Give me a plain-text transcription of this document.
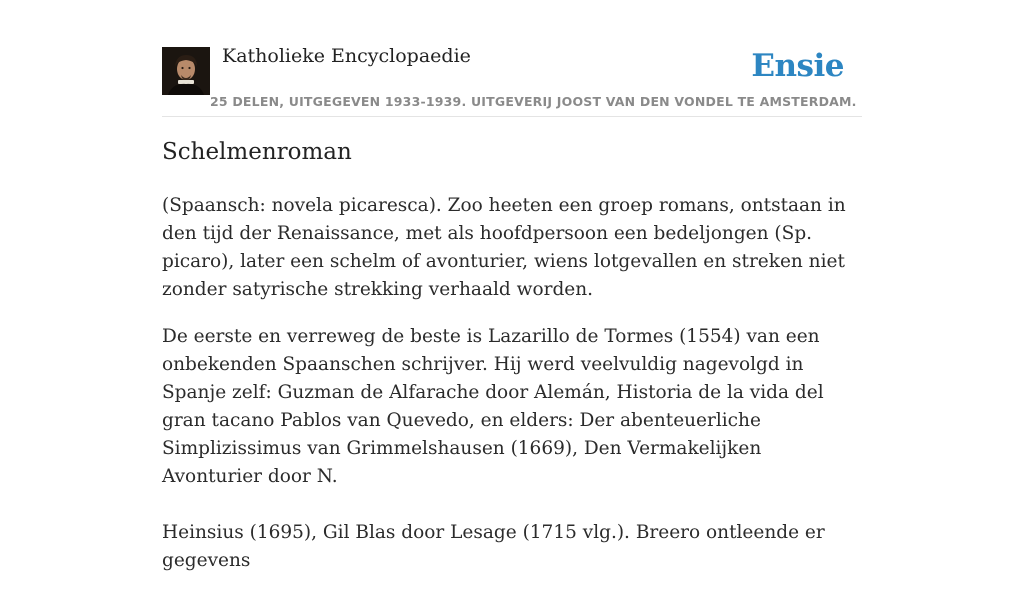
Katholieke Encyclopaedie
25 DELEN, UITGEGEVEN 1933-1939. UITGEVERIJ JOOST VAN DEN VONDEL TE AMSTERDAM.
Ensie
Schelmenroman

(Spaansch: novela picaresca). Zoo heeten een groep romans, ontstaan in den tijd der Renaissance, met als hoofdpersoon een bedeljongen (Sp. picaro), later een schelm of avonturier, wiens lotgevallen en streken niet zonder satyrische strekking verhaald worden.

De eerste en verreweg de beste is Lazarillo de Tormes (1554) van een onbekenden Spaanschen schrijver. Hij werd veelvuldig nagevolgd in Spanje zelf: Guzman de Alfarache door Alemán, Historia de la vida del gran tacano Pablos van Quevedo, en elders: Der abenteuerliche Simplizissimus van Grimmelshausen (1669), Den Vermakelijken Avonturier door N.

Heinsius (1695), Gil Blas door Lesage (1715 vlg.). Breero ontleende er gegevens
